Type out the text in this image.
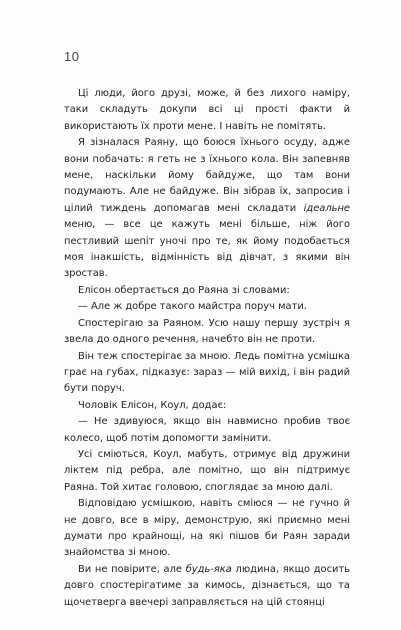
10

Ці люди, його друзі, може, й без лихого наміру, таки складуть докупи всі ці прості факти й використають їх проти мене. І навіть не помітять.

Я зізналася Раяну, що боюся їхнього осуду, адже вони побачать: я геть не з їхнього кола. Він запевняв мене, наскільки йому байдуже, що там вони подумають. Але не байдуже. Він зібрав їх, запросив і цілий тиждень допомагав мені складати ідеальне меню, — все це кажуть мені більше, ніж його пестливий шепіт уночі про те, як йому подобається моя інакшість, відмінність від дівчат, з якими він зростав.

Елісон обертається до Раяна зі словами:

— Але ж добре такого майстра поруч мати.

Спостерігаю за Раяном. Усю нашу першу зустріч я звела до одного речення, начебто він не проти.

Він теж спостерігає за мною. Ледь помітна усмішка грає на губах, підказує: зараз — мій вихід, і він радий бути поруч.

Чоловік Елісон, Коул, додає:

— Не здивуюся, якщо він навмисно пробив твоє колесо, щоб потім допомогти замінити.

Усі сміються, Коул, мабуть, отримує від дружини ліктем під ребра, але помітно, що він підтримує Раяна. Той хитає головою, споглядає за мною далі.

Відповідаю усмішкою, навіть сміюся — не гучно й не довго, все в міру, демонструю, які приємно мені думати про крайнощі, на які пішов би Раян заради знайомства зі мною.

Ви не повірите, але будь-яка людина, якщо досить довго спостерігатиме за кимось, дізнається, що та щочетверга ввечері заправляється на цій стоянці
